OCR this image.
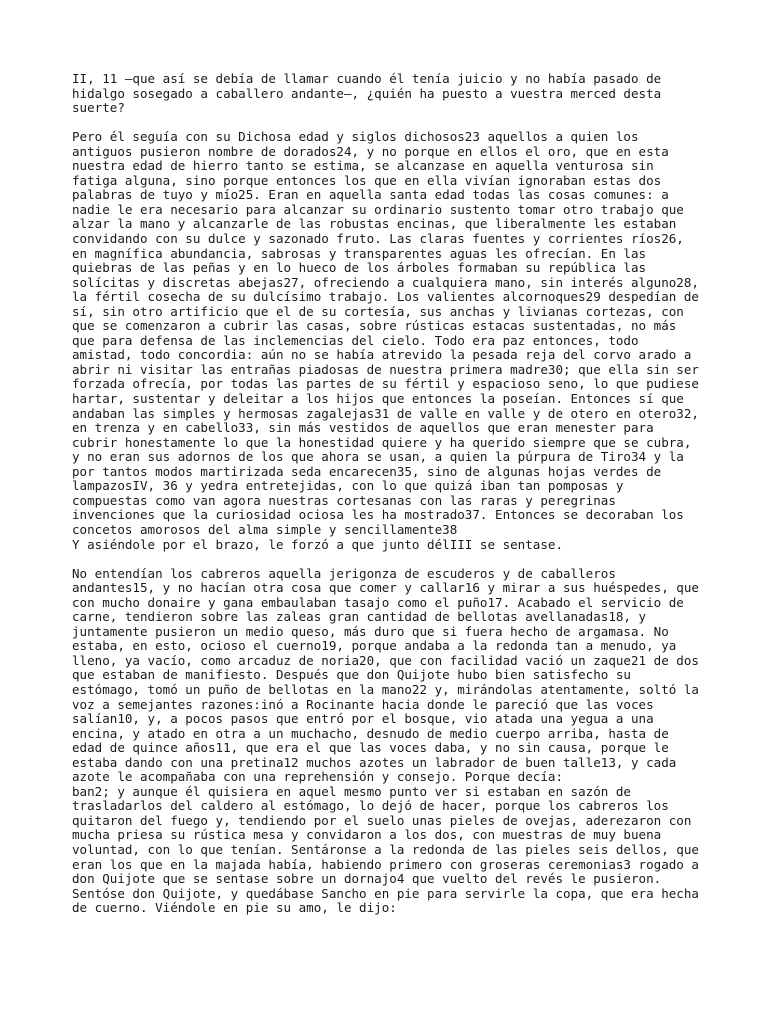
II, 11 —que así se debía de llamar cuando él tenía juicio y no había pasado de
hidalgo sosegado a caballero andante—, ¿quién ha puesto a vuestra merced desta
suerte?
Pero él seguía con su Dichosa edad y siglos dichosos23 aquellos a quien los
antiguos pusieron nombre de dorados24, y no porque en ellos el oro, que en esta
nuestra edad de hierro tanto se estima, se alcanzase en aquella venturosa sin
fatiga alguna, sino porque entonces los que en ella vivían ignoraban estas dos
palabras de tuyo y mío25. Eran en aquella santa edad todas las cosas comunes: a
nadie le era necesario para alcanzar su ordinario sustento tomar otro trabajo que
alzar la mano y alcanzarle de las robustas encinas, que liberalmente les estaban
convidando con su dulce y sazonado fruto. Las claras fuentes y corrientes ríos26,
en magnífica abundancia, sabrosas y transparentes aguas les ofrecían. En las
quiebras de las peñas y en lo hueco de los árboles formaban su república las
solícitas y discretas abejas27, ofreciendo a cualquiera mano, sin interés alguno28,
la fértil cosecha de su dulcísimo trabajo. Los valientes alcornoques29 despedían de
sí, sin otro artificio que el de su cortesía, sus anchas y livianas cortezas, con
que se comenzaron a cubrir las casas, sobre rústicas estacas sustentadas, no más
que para defensa de las inclemencias del cielo. Todo era paz entonces, todo
amistad, todo concordia: aún no se había atrevido la pesada reja del corvo arado a
abrir ni visitar las entrañas piadosas de nuestra primera madre30; que ella sin ser
forzada ofrecía, por todas las partes de su fértil y espacioso seno, lo que pudiese
hartar, sustentar y deleitar a los hijos que entonces la poseían. Entonces sí que
andaban las simples y hermosas zagalejas31 de valle en valle y de otero en otero32,
en trenza y en cabello33, sin más vestidos de aquellos que eran menester para
cubrir honestamente lo que la honestidad quiere y ha querido siempre que se cubra,
y no eran sus adornos de los que ahora se usan, a quien la púrpura de Tiro34 y la
por tantos modos martirizada seda encarecen35, sino de algunas hojas verdes de
lampazosIV, 36 y yedra entretejidas, con lo que quizá iban tan pomposas y
compuestas como van agora nuestras cortesanas con las raras y peregrinas
invenciones que la curiosidad ociosa les ha mostrado37. Entonces se decoraban los
concetos amorosos del alma simple y sencillamente38
Y asiéndole por el brazo, le forzó a que junto délIII se sentase.
No entendían los cabreros aquella jerigonza de escuderos y de caballeros
andantes15, y no hacían otra cosa que comer y callar16 y mirar a sus huéspedes, que
con mucho donaire y gana embaulaban tasajo como el puño17. Acabado el servicio de
carne, tendieron sobre las zaleas gran cantidad de bellotas avellanadas18, y
juntamente pusieron un medio queso, más duro que si fuera hecho de argamasa. No
estaba, en esto, ocioso el cuerno19, porque andaba a la redonda tan a menudo, ya
lleno, ya vacío, como arcaduz de noria20, que con facilidad vació un zaque21 de dos
que estaban de manifiesto. Después que don Quijote hubo bien satisfecho su
estómago, tomó un puño de bellotas en la mano22 y, mirándolas atentamente, soltó la
voz a semejantes razones:inó a Rocinante hacia donde le pareció que las voces
salían10, y, a pocos pasos que entró por el bosque, vio atada una yegua a una
encina, y atado en otra a un muchacho, desnudo de medio cuerpo arriba, hasta de
edad de quince años11, que era el que las voces daba, y no sin causa, porque le
estaba dando con una pretina12 muchos azotes un labrador de buen talle13, y cada
azote le acompañaba con una reprehensión y consejo. Porque decía:
ban2; y aunque él quisiera en aquel mesmo punto ver si estaban en sazón de
trasladarlos del caldero al estómago, lo dejó de hacer, porque los cabreros los
quitaron del fuego y, tendiendo por el suelo unas pieles de ovejas, aderezaron con
mucha priesa su rústica mesa y convidaron a los dos, con muestras de muy buena
voluntad, con lo que tenían. Sentáronse a la redonda de las pieles seis dellos, que
eran los que en la majada había, habiendo primero con groseras ceremonias3 rogado a
don Quijote que se sentase sobre un dornajo4 que vuelto del revés le pusieron.
Sentóse don Quijote, y quedábase Sancho en pie para servirle la copa, que era hecha
de cuerno. Viéndole en pie su amo, le dijo:
